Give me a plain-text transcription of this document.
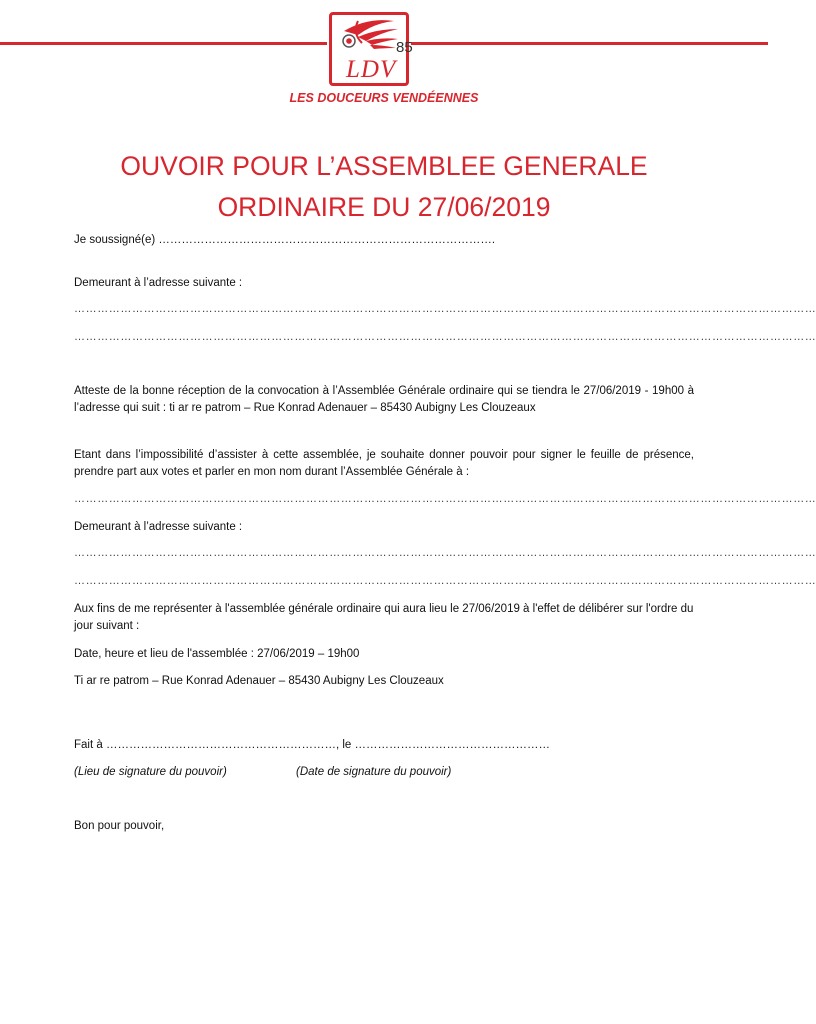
85
LDV
LES DOUCEURS VENDÉENNES
OUVOIR POUR L’ASSEMBLEE GENERALE
ORDINAIRE DU 27/06/2019
Je soussigné(e) …………………………………………………………………………….
Demeurant à l’adresse suivante :
…………………………………………………………………………………………………………………………………………………………………………
…………………………………………………………………………………………………………………………………………………………………………
Atteste de la bonne réception de la convocation à l’Assemblée Générale ordinaire qui se tiendra le 27/06/2019 - 19h00 à l’adresse qui suit : ti ar re patrom – Rue Konrad Adenauer – 85430 Aubigny Les Clouzeaux
Etant dans l’impossibilité d’assister à cette assemblée, je souhaite donner pouvoir pour signer le feuille de présence, prendre part aux votes et parler en mon nom durant l’Assemblée Générale à :
…………………………………………………………………………………………………………………………………………………………………………
Demeurant à l’adresse suivante :
…………………………………………………………………………………………………………………………………………………………………………
…………………………………………………………………………………………………………………………………………………………………………
Aux fins de me représenter à l'assemblée générale ordinaire qui aura lieu le 27/06/2019 à l'effet de délibérer sur l'ordre du jour suivant :
Date, heure et lieu de l'assemblée : 27/06/2019 – 19h00
Ti ar re patrom – Rue Konrad Adenauer – 85430 Aubigny Les Clouzeaux
Fait à ……………………………………………………, le ……………………………………………
(Lieu de signature du pouvoir)	(Date de signature du pouvoir)
Bon pour pouvoir,
